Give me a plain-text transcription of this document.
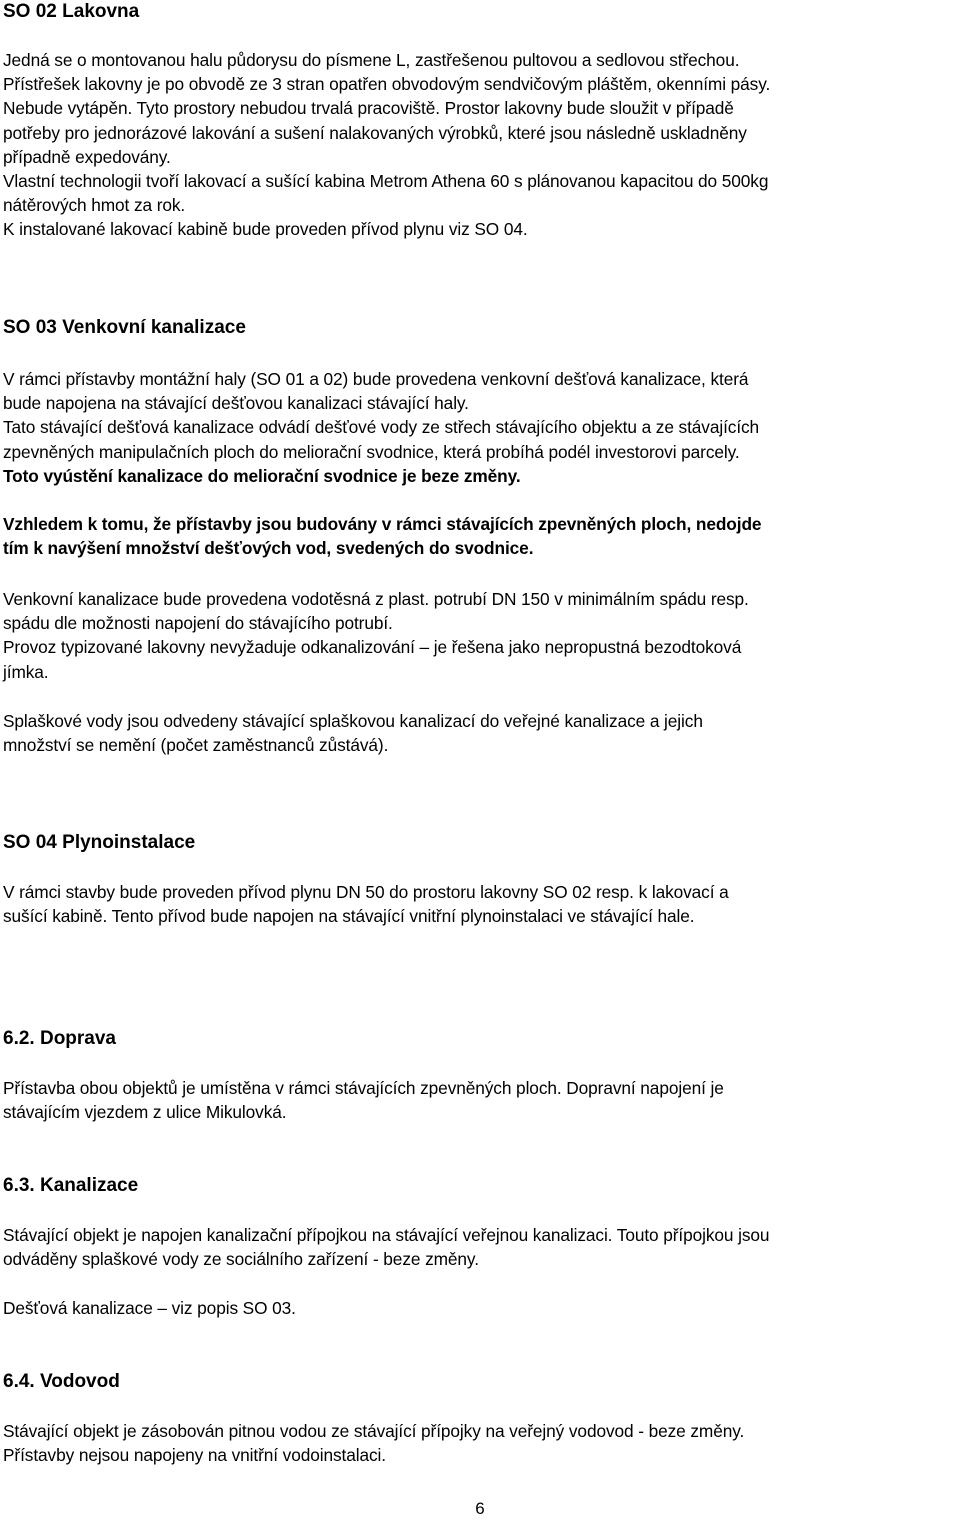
SO 02 Lakovna
Jedná se o montovanou halu půdorysu do písmene L, zastřešenou pultovou a sedlovou střechou.
Přístřešek lakovny je po obvodě ze 3 stran opatřen obvodovým sendvičovým pláštěm, okenními pásy.
Nebude vytápěn. Tyto prostory nebudou trvalá pracoviště. Prostor lakovny bude sloužit v případě
potřeby pro jednorázové lakování a sušení nalakovaných výrobků, které jsou následně uskladněny
případně expedovány.
Vlastní technologii tvoří lakovací a sušící kabina Metrom Athena 60 s plánovanou kapacitou do 500kg
nátěrových hmot za rok.
K instalované lakovací kabině bude proveden přívod plynu viz SO 04.
SO 03 Venkovní kanalizace
V rámci přístavby montážní haly (SO 01 a 02) bude provedena venkovní dešťová kanalizace, která
bude napojena na stávající dešťovou kanalizaci stávající haly.
Tato stávající dešťová kanalizace odvádí dešťové vody ze střech stávajícího objektu a ze stávajících
zpevněných manipulačních ploch do meliorační svodnice, která probíhá podél investorovi parcely.
Toto vyústění kanalizace do meliorační svodnice je beze změny.
Vzhledem k tomu, že přístavby jsou budovány v rámci stávajících zpevněných ploch, nedojde
tím k navýšení množství dešťových vod, svedených do svodnice.
Venkovní kanalizace bude provedena vodotěsná z plast. potrubí DN 150 v minimálním spádu resp.
spádu dle možnosti napojení do stávajícího potrubí.
Provoz typizované lakovny nevyžaduje odkanalizování – je řešena jako nepropustná bezodtoková
jímka.
Splaškové vody jsou odvedeny stávající splaškovou kanalizací do veřejné kanalizace a jejich
množství se nemění (počet zaměstnanců zůstává).
SO 04 Plynoinstalace
V rámci stavby bude proveden přívod plynu DN 50 do prostoru lakovny SO 02 resp. k lakovací a
sušící kabině. Tento přívod bude napojen na stávající vnitřní plynoinstalaci ve stávající hale.
6.2. Doprava
Přístavba obou objektů je umístěna v rámci stávajících zpevněných ploch. Dopravní napojení je
stávajícím vjezdem z ulice Mikulovká.
6.3. Kanalizace
Stávající objekt je napojen kanalizační přípojkou na stávající veřejnou kanalizaci. Touto přípojkou jsou
odváděny splaškové vody ze sociálního zařízení - beze změny.
Dešťová kanalizace – viz popis SO 03.
6.4. Vodovod
Stávající objekt je zásobován pitnou vodou ze stávající přípojky na veřejný vodovod - beze změny.
Přístavby nejsou napojeny na vnitřní vodoinstalaci.
6
